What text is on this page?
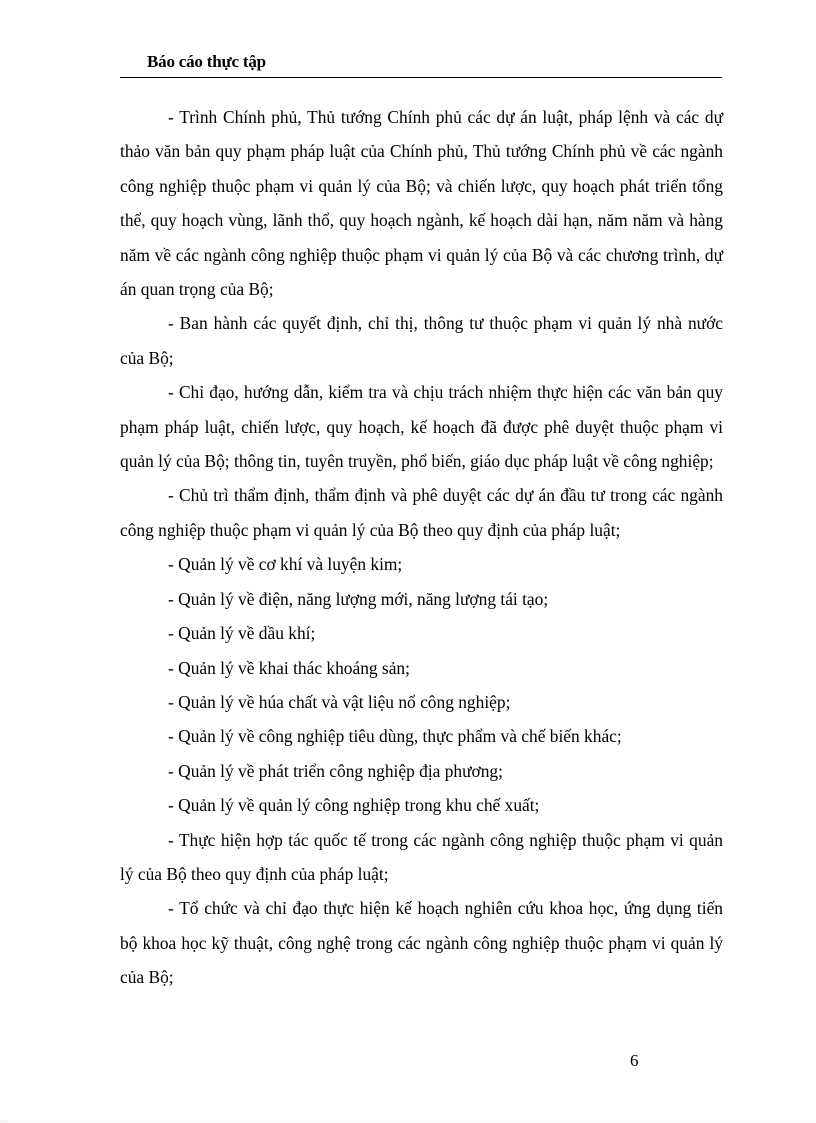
Báo cáo thực tập

- Trình Chính phủ, Thủ tướng Chính phủ các dự án luật, pháp lệnh và các dự thảo văn bản quy phạm pháp luật của Chính phủ, Thủ tướng Chính phủ về các ngành công nghiệp thuộc phạm vi quản lý của Bộ; và chiến lược, quy hoạch phát triển tổng thể, quy hoạch vùng, lãnh thổ, quy hoạch ngành, kế hoạch dài hạn, năm năm và hàng năm về các ngành công nghiệp thuộc phạm vi quản lý của Bộ và các chương trình, dự án quan trọng của Bộ;

- Ban hành các quyết định, chỉ thị, thông tư thuộc phạm vi quản lý nhà nước của Bộ;

- Chỉ đạo, hướng dẫn, kiểm tra và chịu trách nhiệm thực hiện các văn bản quy phạm pháp luật, chiến lược, quy hoạch, kế hoạch đã được phê duyệt thuộc phạm vi quản lý của Bộ; thông tin, tuyên truyền, phổ biến, giáo dục pháp luật về công nghiệp;

- Chủ trì thẩm định, thẩm định và phê duyệt các dự án đầu tư trong các ngành công nghiệp thuộc phạm vi quản lý của Bộ theo quy định của pháp luật;

- Quản lý về cơ khí và luyện kim;

- Quản lý về điện, năng lượng mới, năng lượng tái tạo;

- Quản lý về dầu khí;

- Quản lý về khai thác khoáng sản;

- Quản lý về húa chất và vật liệu nổ công nghiệp;

- Quản lý về công nghiệp tiêu dùng, thực phẩm và chế biến khác;

- Quản lý về phát triển công nghiệp địa phương;

- Quản lý về quản lý công nghiệp trong khu chế xuất;

- Thực hiện hợp tác quốc tế trong các ngành công nghiệp thuộc phạm vi quản lý của Bộ theo quy định của pháp luật;

- Tổ chức và chỉ đạo thực hiện kế hoạch nghiên cứu khoa học, ứng dụng tiến bộ khoa học kỹ thuật, công nghệ trong các ngành công nghiệp thuộc phạm vi quản lý của Bộ;

6
